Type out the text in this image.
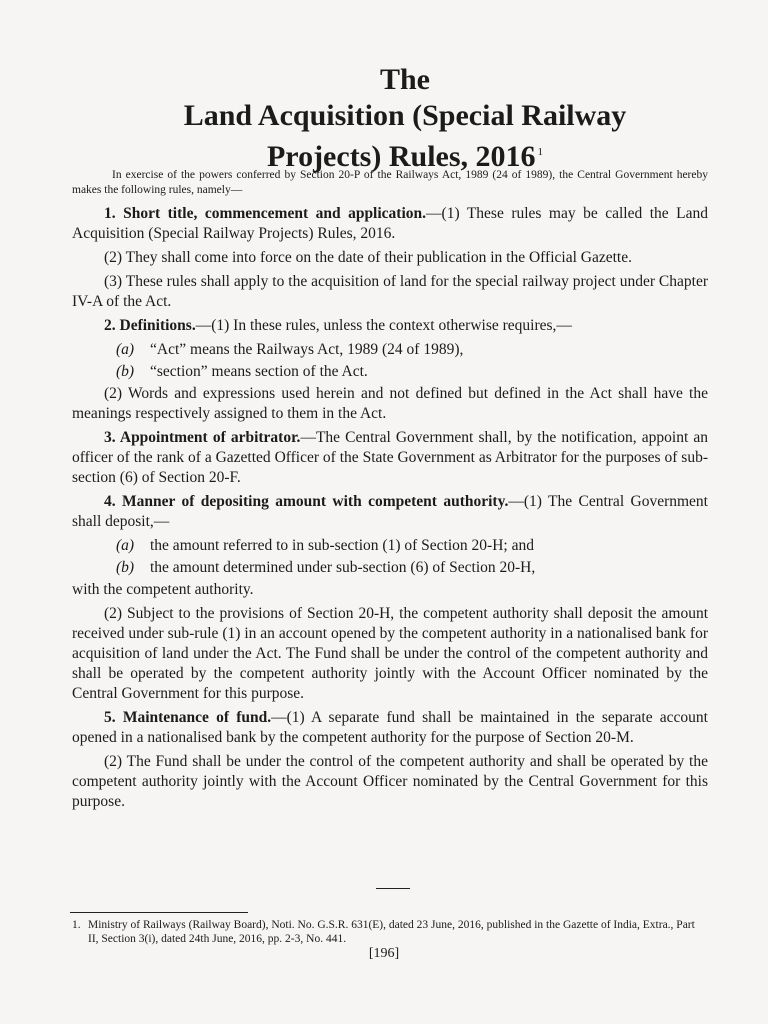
The
Land Acquisition (Special Railway
Projects) Rules, 2016 $^1$

In exercise of the powers conferred by Section 20-P of the Railways Act, 1989 (24 of 1989), the Central Government hereby makes the following rules, namely—

1. Short title, commencement and application.—(1) These rules may be called the Land Acquisition (Special Railway Projects) Rules, 2016.

(2) They shall come into force on the date of their publication in the Official Gazette.

(3) These rules shall apply to the acquisition of land for the special railway project under Chapter IV-A of the Act.

2. Definitions.—(1) In these rules, unless the context otherwise requires,—

(a) “Act” means the Railways Act, 1989 (24 of 1989),

(b) “section” means section of the Act.

(2) Words and expressions used herein and not defined but defined in the Act shall have the meanings respectively assigned to them in the Act.

3. Appointment of arbitrator.—The Central Government shall, by the notification, appoint an officer of the rank of a Gazetted Officer of the State Government as Arbitrator for the purposes of sub-section (6) of Section 20-F.

4. Manner of depositing amount with competent authority.—(1) The Central Government shall deposit,—

(a) the amount referred to in sub-section (1) of Section 20-H; and

(b) the amount determined under sub-section (6) of Section 20-H,

with the competent authority.

(2) Subject to the provisions of Section 20-H, the competent authority shall deposit the amount received under sub-rule (1) in an account opened by the competent authority in a nationalised bank for acquisition of land under the Act. The Fund shall be under the control of the competent authority and shall be operated by the competent authority jointly with the Account Officer nominated by the Central Government for this purpose.

5. Maintenance of fund.—(1) A separate fund shall be maintained in the separate account opened in a nationalised bank by the competent authority for the purpose of Section 20-M.

(2) The Fund shall be under the control of the competent authority and shall be operated by the competent authority jointly with the Account Officer nominated by the Central Government for this purpose.

1. Ministry of Railways (Railway Board), Noti. No. G.S.R. 631(E), dated 23 June, 2016, published in the Gazette of India, Extra., Part II, Section 3(i), dated 24th June, 2016, pp. 2-3, No. 441.
[196]
